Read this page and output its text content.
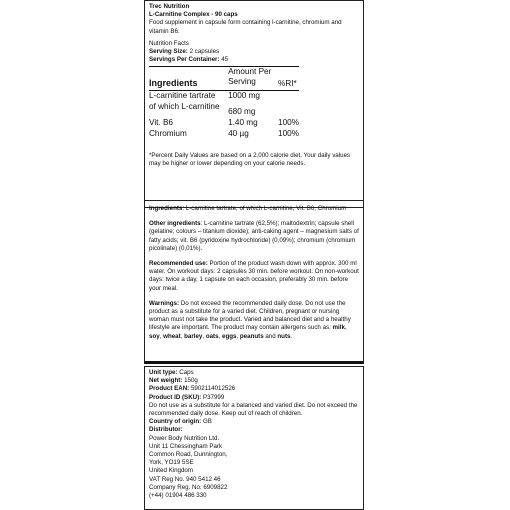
Trec Nutrition
L-Carnitine Complex - 90 caps
Food supplement in capsule form containing l-carnitine, chromium and vitamin B6.
Nutrition Facts
Serving Size: 2 capsules
Servings Per Container: 45
Ingredients	Amount Per Serving	%RI*
L-carnitine tartrate	1000 mg	
of which L-carnitine	680 mg	
Vit. B6	1.40 mg	100%
Chromium	40 µg	100%
*Percent Daily Values are based on a 2,000 calorie diet. Your daily values may be higher or lower depending on your calorie needs.

Ingredients: L-carnitine tartrate, of which L-carnitine, Vit. B6, Chromium

Other ingredients: L-carnitine tartrate (62,5%); maltodextrin; capsule shell (gelatine; colours – titanium dioxide); anti-caking agent – magnesium salts of fatty acids; vit. B6 (pyridoxine hydrochloride) (0,09%); chromium (chromium picolinate) (0,01%).

Recommended use: Portion of the product wash down with approx. 300 ml water. On workout days: 2 capsules 30 min. before workout. On non-workout days: twice a day, 1 capsule on each occasion, preferably 30 min. before your meal.

Warnings: Do not exceed the recommended daily dose. Do not use the product as a substitute for a varied diet. Children, pregnant or nursing woman must not take the product. Varied and balanced diet and a healthy lifestyle are important. The product may contain allergens such as: milk, soy, wheat, barley, oats, eggs, peanuts and nuts.

Unit type: Caps
Net weight: 150g
Product EAN: 5902114012526
Product ID (SKU): P37999
Do not use as a substitute for a balanced and varied diet. Do not exceed the recommended daily dose. Keep out of reach of children.
Country of origin: GB
Distributor:
Power Body Nutrition Ltd.
Unit 11 Chessingham Park
Common Road, Dunnington,
York, YO19 5SE
United Kingdom
VAT Reg No. 940 5412 46
Company Reg. No. 6909822
(+44) 01904 486 330
